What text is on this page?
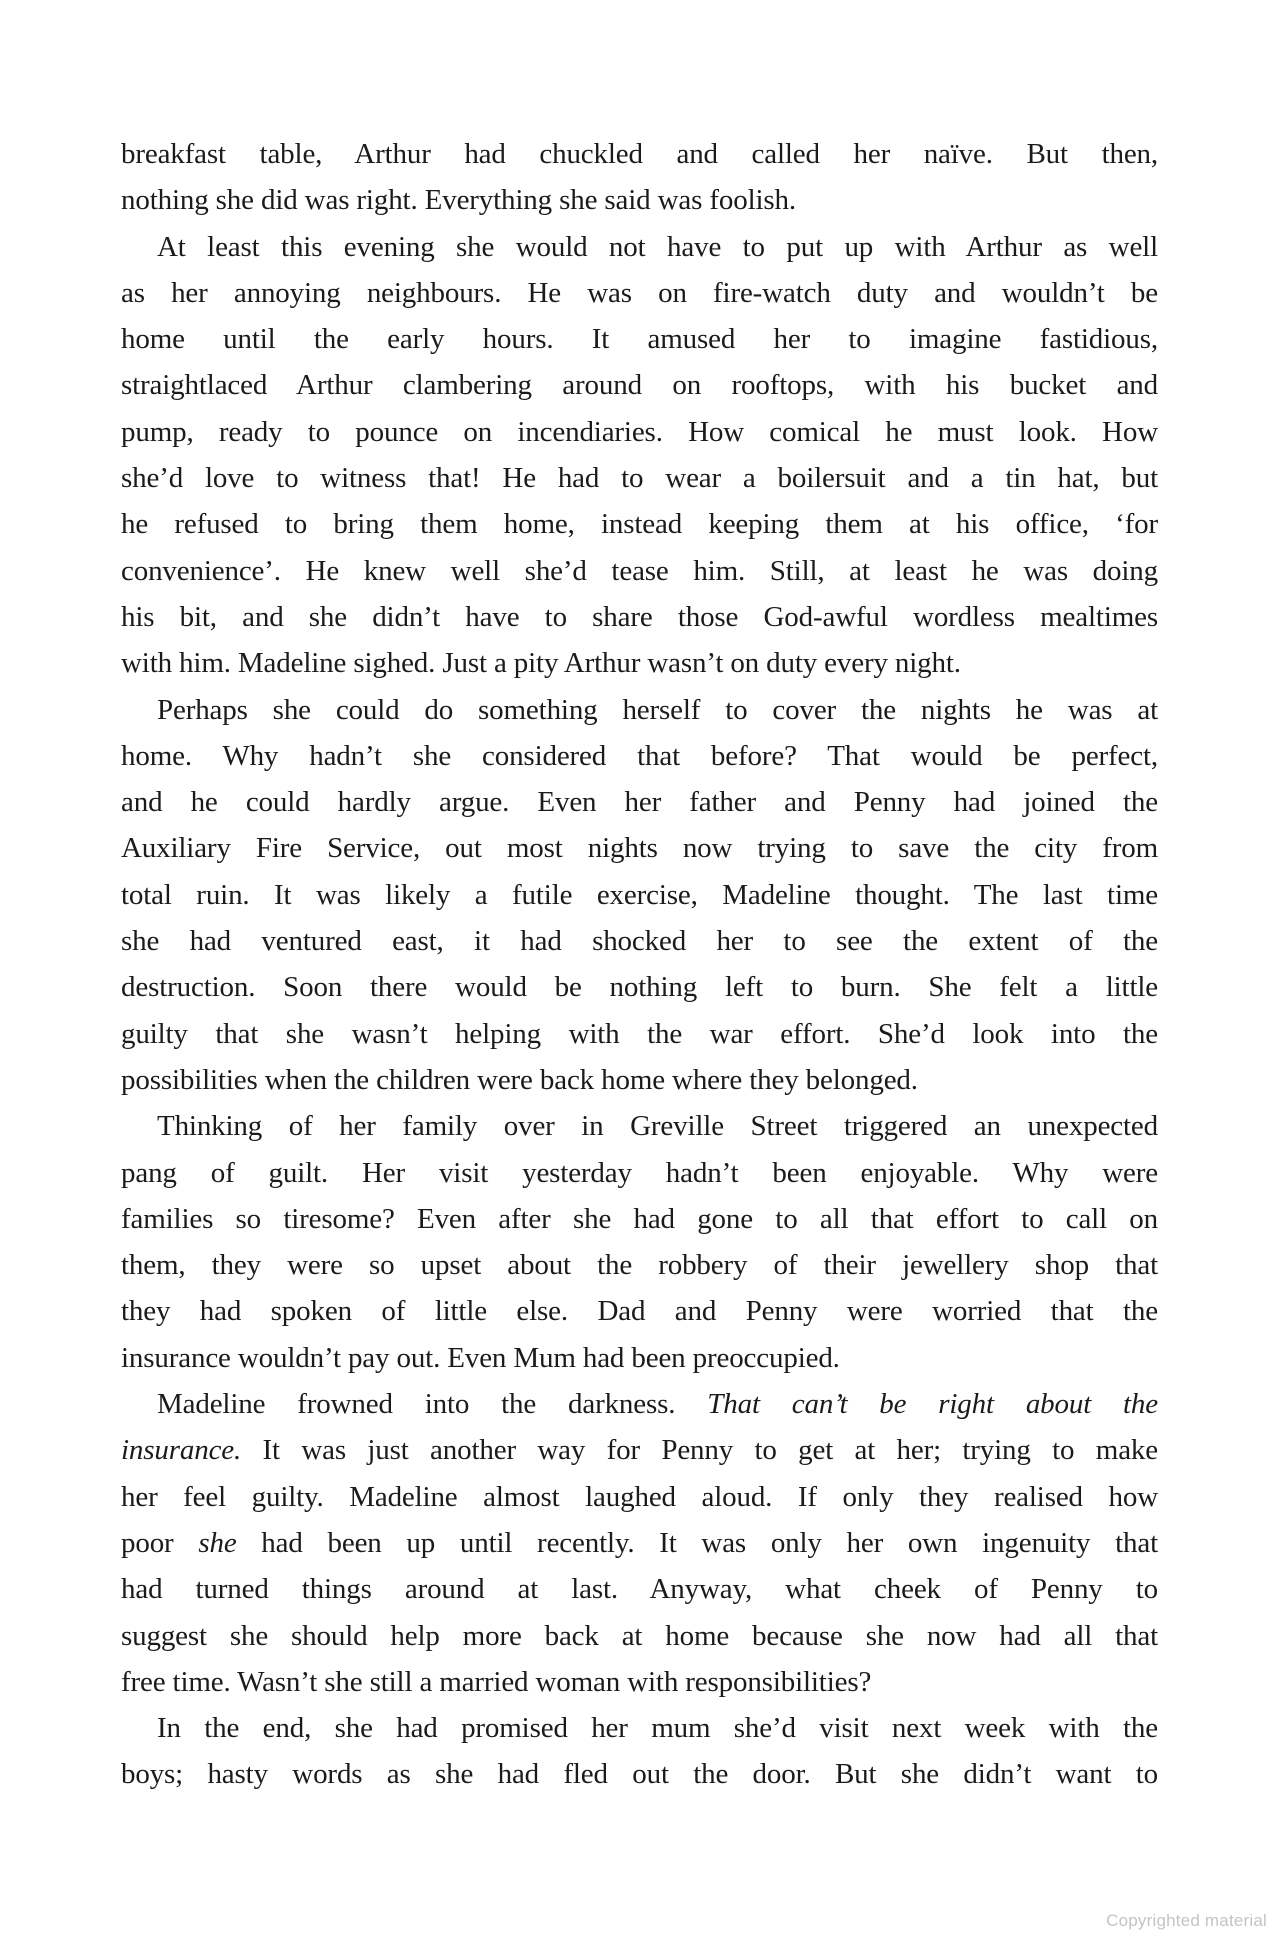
breakfast table, Arthur had chuckled and called her naïve. But then,
nothing she did was right. Everything she said was foolish.
At least this evening she would not have to put up with Arthur as well
as her annoying neighbours. He was on fire-watch duty and wouldn’t be
home until the early hours. It amused her to imagine fastidious,
straightlaced Arthur clambering around on rooftops, with his bucket and
pump, ready to pounce on incendiaries. How comical he must look. How
she’d love to witness that! He had to wear a boilersuit and a tin hat, but
he refused to bring them home, instead keeping them at his office, ‘for
convenience’. He knew well she’d tease him. Still, at least he was doing
his bit, and she didn’t have to share those God-awful wordless mealtimes
with him. Madeline sighed. Just a pity Arthur wasn’t on duty every night.
Perhaps she could do something herself to cover the nights he was at
home. Why hadn’t she considered that before? That would be perfect,
and he could hardly argue. Even her father and Penny had joined the
Auxiliary Fire Service, out most nights now trying to save the city from
total ruin. It was likely a futile exercise, Madeline thought. The last time
she had ventured east, it had shocked her to see the extent of the
destruction. Soon there would be nothing left to burn. She felt a little
guilty that she wasn’t helping with the war effort. She’d look into the
possibilities when the children were back home where they belonged.
Thinking of her family over in Greville Street triggered an unexpected
pang of guilt. Her visit yesterday hadn’t been enjoyable. Why were
families so tiresome? Even after she had gone to all that effort to call on
them, they were so upset about the robbery of their jewellery shop that
they had spoken of little else. Dad and Penny were worried that the
insurance wouldn’t pay out. Even Mum had been preoccupied.
Madeline frowned into the darkness. That can’t be right about the
insurance. It was just another way for Penny to get at her; trying to make
her feel guilty. Madeline almost laughed aloud. If only they realised how
poor she had been up until recently. It was only her own ingenuity that
had turned things around at last. Anyway, what cheek of Penny to
suggest she should help more back at home because she now had all that
free time. Wasn’t she still a married woman with responsibilities?
In the end, she had promised her mum she’d visit next week with the
boys; hasty words as she had fled out the door. But she didn’t want to
Copyrighted material
